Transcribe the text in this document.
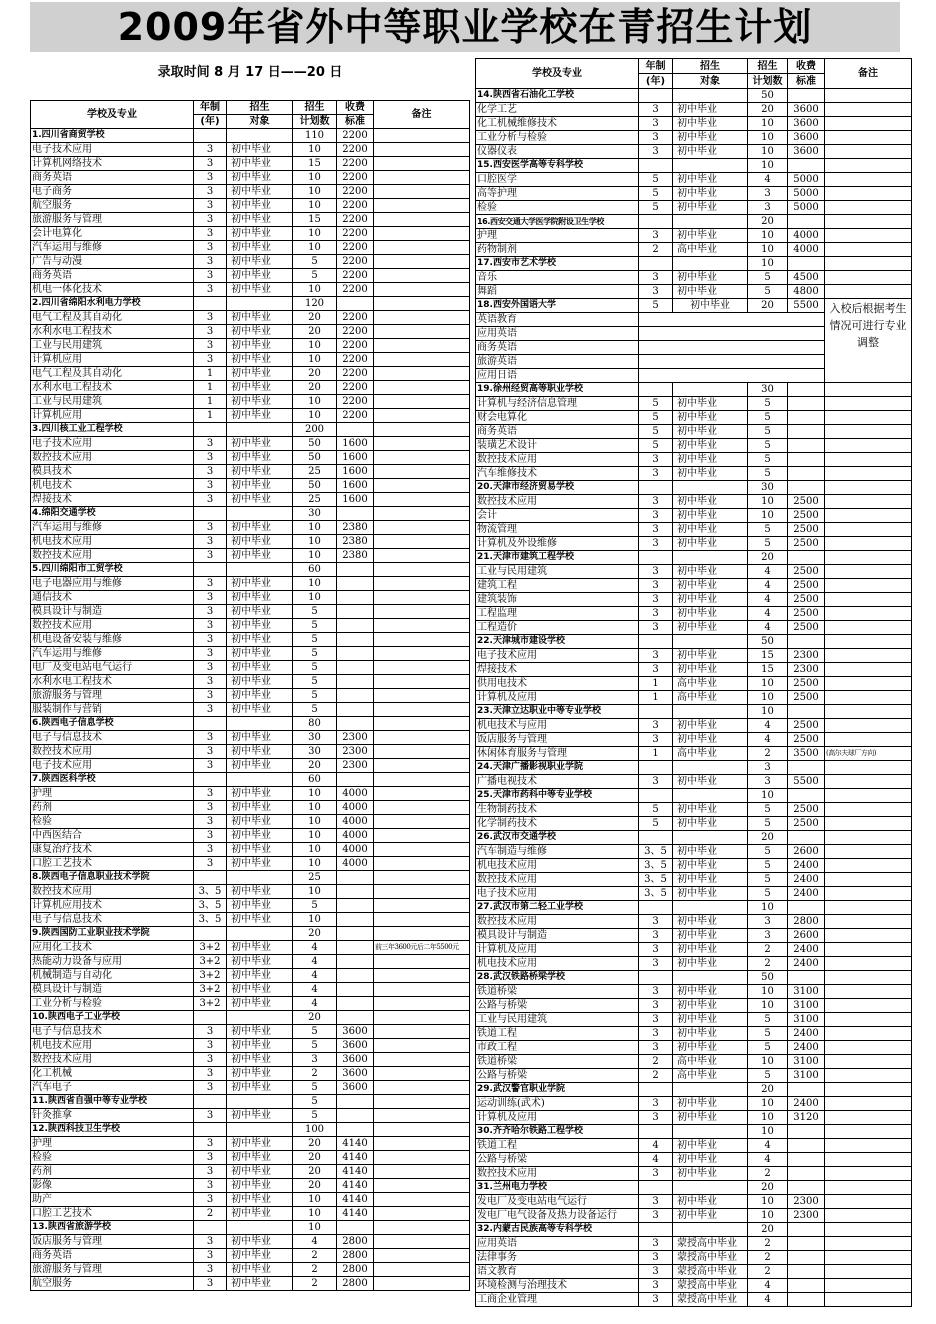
2009年省外中等职业学校在青招生计划
录取时间 8 月 17 日——20 日
学校及专业	年制	招生	招生	收费	备注
	(年)	对象	计划数	标准	
1.四川省商贸学校			110	2200	
电子技术应用	3	初中毕业	10	2200	
计算机网络技术	3	初中毕业	15	2200	
商务英语	3	初中毕业	10	2200	
电子商务	3	初中毕业	10	2200	
航空服务	3	初中毕业	10	2200	
旅游服务与管理	3	初中毕业	15	2200	
会计电算化	3	初中毕业	10	2200	
汽车运用与维修	3	初中毕业	10	2200	
广告与动漫	3	初中毕业	5	2200	
商务英语	3	初中毕业	5	2200	
机电一体化技术	3	初中毕业	10	2200	
2.四川省绵阳水利电力学校			120		
电气工程及其自动化	3	初中毕业	20	2200	
水利水电工程技术	3	初中毕业	20	2200	
工业与民用建筑	3	初中毕业	10	2200	
计算机应用	3	初中毕业	10	2200	
电气工程及其自动化	1	初中毕业	20	2200	
水利水电工程技术	1	初中毕业	20	2200	
工业与民用建筑	1	初中毕业	10	2200	
计算机应用	1	初中毕业	10	2200	
3.四川核工业工程学校			200		
电子技术应用	3	初中毕业	50	1600	
数控技术应用	3	初中毕业	50	1600	
模具技术	3	初中毕业	25	1600	
机电技术	3	初中毕业	50	1600	
焊接技术	3	初中毕业	25	1600	
4.绵阳交通学校			30		
汽车运用与维修	3	初中毕业	10	2380	
机电技术应用	3	初中毕业	10	2380	
数控技术应用	3	初中毕业	10	2380	
5.四川绵阳市工贸学校			60		
电子电器应用与维修	3	初中毕业	10		
通信技术	3	初中毕业	10		
模具设计与制造	3	初中毕业	5		
数控技术应用	3	初中毕业	5		
机电设备安装与维修	3	初中毕业	5		
汽车运用与维修	3	初中毕业	5		
电厂及变电站电气运行	3	初中毕业	5		
水利水电工程技术	3	初中毕业	5		
旅游服务与管理	3	初中毕业	5		
服装制作与营销	3	初中毕业	5		
6.陕西电子信息学校			80		
电子与信息技术	3	初中毕业	30	2300	
数控技术应用	3	初中毕业	30	2300	
电子技术应用	3	初中毕业	20	2300	
7.陕西医科学校			60		
护理	3	初中毕业	10	4000	
药剂	3	初中毕业	10	4000	
检验	3	初中毕业	10	4000	
中西医结合	3	初中毕业	10	4000	
康复治疗技术	3	初中毕业	10	4000	
口腔工艺技术	3	初中毕业	10	4000	
8.陕西电子信息职业技术学院			25		
数控技术应用	3、5	初中毕业	10		
计算机应用技术	3、5	初中毕业	5		
电子与信息技术	3、5	初中毕业	10		
9.陕西国防工业职业技术学院			20		
应用化工技术	3+2	初中毕业	4		前三年3600元后二年5500元
热能动力设备与应用	3+2	初中毕业	4		
机械制造与自动化	3+2	初中毕业	4		
模具设计与制造	3+2	初中毕业	4		
工业分析与检验	3+2	初中毕业	4		
10.陕西电子工业学校			20		
电子与信息技术	3	初中毕业	5	3600	
机电技术应用	3	初中毕业	5	3600	
数控技术应用	3	初中毕业	3	3600	
化工机械	3	初中毕业	2	3600	
汽车电子	3	初中毕业	5	3600	
11.陕西省自强中等专业学校			5		
针灸推拿	3	初中毕业	5		
12.陕西科技卫生学校			100		
护理	3	初中毕业	20	4140	
检验	3	初中毕业	20	4140	
药剂	3	初中毕业	20	4140	
影像	3	初中毕业	20	4140	
助产	3	初中毕业	10	4140	
口腔工艺技术	2	初中毕业	10	4140	
13.陕西省旅游学校			10		
饭店服务与管理	3	初中毕业	4	2800	
商务英语	3	初中毕业	2	2800	
旅游服务与管理	3	初中毕业	2	2800	
航空服务	3	初中毕业	2	2800	
学校及专业	年制	招生	招生	收费	备注
	(年)	对象	计划数	标准	
14.陕西省石油化工学校			50		
化学工艺	3	初中毕业	20	3600	
化工机械维修技术	3	初中毕业	10	3600	
工业分析与检验	3	初中毕业	10	3600	
仪器仪表	3	初中毕业	10	3600	
15.西安医学高等专科学校			10		
口腔医学	5	初中毕业	4	5000	
高等护理	5	初中毕业	3	5000	
检验	5	初中毕业	3	5000	
16.西安交通大学医学院附设卫生学校			20		
护理	3	初中毕业	10	4000	
药物制剂	2	高中毕业	10	4000	
17.西安市艺术学校			10		
音乐	3	初中毕业	5	4500	
舞蹈	3	初中毕业	5	4800	
18.西安外国语大学	5	初中毕业	20	5500	入校后根据考生情况可进行专业调整
英语教育					
应用英语					
商务英语					
旅游英语					
应用日语					
19.徐州经贸高等职业学校			30		
计算机与经济信息管理	5	初中毕业	5		
财会电算化	5	初中毕业	5		
商务英语	5	初中毕业	5		
装璜艺术设计	5	初中毕业	5		
数控技术应用	3	初中毕业	5		
汽车维修技术	3	初中毕业	5		
20.天津市经济贸易学校			30		
数控技术应用	3	初中毕业	10	2500	
会计	3	初中毕业	10	2500	
物流管理	3	初中毕业	5	2500	
计算机及外设维修	3	初中毕业	5	2500	
21.天津市建筑工程学校			20		
工业与民用建筑	3	初中毕业	4	2500	
建筑工程	3	初中毕业	4	2500	
建筑装饰	3	初中毕业	4	2500	
工程监理	3	初中毕业	4	2500	
工程造价	3	初中毕业	4	2500	
22.天津城市建设学校			50		
电子技术应用	3	初中毕业	15	2300	
焊接技术	3	初中毕业	15	2300	
供用电技术	1	高中毕业	10	2500	
计算机及应用	1	高中毕业	10	2500	
23.天津立达职业中等专业学校			10		
机电技术与应用	3	初中毕业	4	2500	
饭店服务与管理	3	初中毕业	4	2500	
休闲体育服务与管理	1	高中毕业	2	3500	(高尔夫球厂方向)
24.天津广播影视职业学院			3		
广播电视技术	3	初中毕业	3	5500	
25.天津市药科中等专业学校			10		
生物制药技术	5	初中毕业	5	2500	
化学制药技术	5	初中毕业	5	2500	
26.武汉市交通学校			20		
汽车制造与维修	3、5	初中毕业	5	2600	
机电技术应用	3、5	初中毕业	5	2400	
数控技术应用	3、5	初中毕业	5	2400	
电子技术应用	3、5	初中毕业	5	2400	
27.武汉市第二轻工业学校			10		
数控技术应用	3	初中毕业	3	2800	
模具设计与制造	3	初中毕业	3	2600	
计算机及应用	3	初中毕业	2	2400	
机电技术应用	3	初中毕业	2	2400	
28.武汉铁路桥梁学校			50		
铁道桥梁	3	初中毕业	10	3100	
公路与桥梁	3	初中毕业	10	3100	
工业与民用建筑	3	初中毕业	5	3100	
铁道工程	3	初中毕业	5	2400	
市政工程	3	初中毕业	5	2400	
铁道桥梁	2	高中毕业	10	3100	
公路与桥梁	2	高中毕业	5	3100	
29.武汉警官职业学院			20		
运动训练(武术)	3	初中毕业	10	2400	
计算机及应用	3	初中毕业	10	3120	
30.齐齐哈尔铁路工程学校			10		
铁道工程	4	初中毕业	4		
公路与桥梁	4	初中毕业	4		
数控技术应用	3	初中毕业	2		
31.兰州电力学校			20		
发电厂及变电站电气运行	3	初中毕业	10	2300	
发电厂电气设备及热力设备运行	3	初中毕业	10	2300	
32.内蒙古民族高等专科学校			20		
应用英语	3	蒙授高中毕业	2		
法律事务	3	蒙授高中毕业	2		
语文教育	3	蒙授高中毕业	2		
环境检测与治理技术	3	蒙授高中毕业	4		
工商企业管理	3	蒙授高中毕业	4		
